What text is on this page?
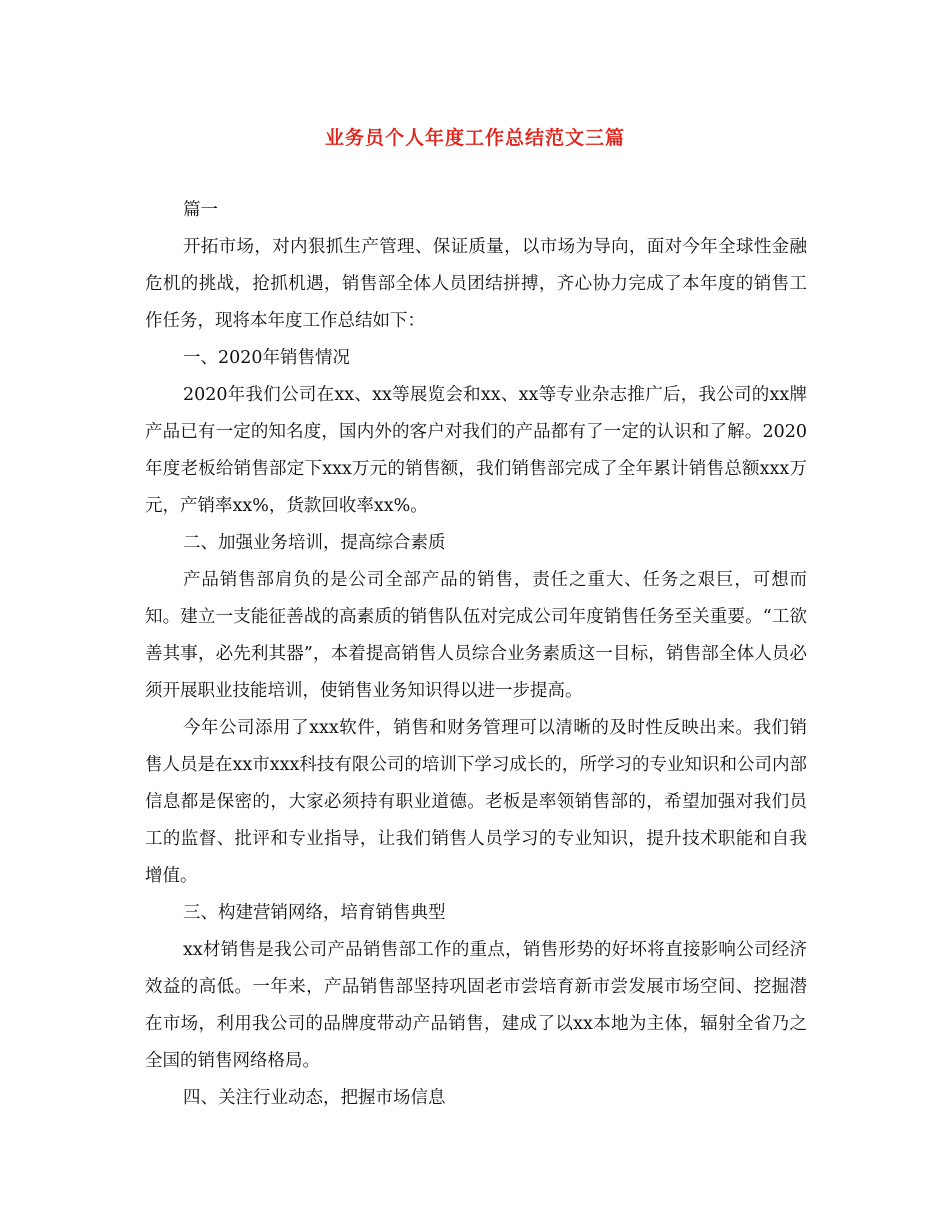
业务员个人年度工作总结范文三篇

篇一

开拓市场，对内狠抓生产管理、保证质量，以市场为导向，面对今年全球性金融危机的挑战，抢抓机遇，销售部全体人员团结拼搏，齐心协力完成了本年度的销售工作任务，现将本年度工作总结如下：

一、2020年销售情况

2020年我们公司在xx、xx等展览会和xx、xx等专业杂志推广后，我公司的xx牌产品已有一定的知名度，国内外的客户对我们的产品都有了一定的认识和了解。2020年度老板给销售部定下xxx万元的销售额，我们销售部完成了全年累计销售总额xxx万元，产销率xx%，货款回收率xx%。

二、加强业务培训，提高综合素质

产品销售部肩负的是公司全部产品的销售，责任之重大、任务之艰巨，可想而知。建立一支能征善战的高素质的销售队伍对完成公司年度销售任务至关重要。“工欲善其事，必先利其器”，本着提高销售人员综合业务素质这一目标，销售部全体人员必须开展职业技能培训，使销售业务知识得以进一步提高。

今年公司添用了xxx软件，销售和财务管理可以清晰的及时性反映出来。我们销售人员是在xx市xxx科技有限公司的培训下学习成长的，所学习的专业知识和公司内部信息都是保密的，大家必须持有职业道德。老板是率领销售部的，希望加强对我们员工的监督、批评和专业指导，让我们销售人员学习的专业知识，提升技术职能和自我增值。

三、构建营销网络，培育销售典型

xx材销售是我公司产品销售部工作的重点，销售形势的好坏将直接影响公司经济效益的高低。一年来，产品销售部坚持巩固老市尝培育新市尝发展市场空间、挖掘潜在市场，利用我公司的品牌度带动产品销售，建成了以xx本地为主体，辐射全省乃之全国的销售网络格局。

四、关注行业动态，把握市场信息
